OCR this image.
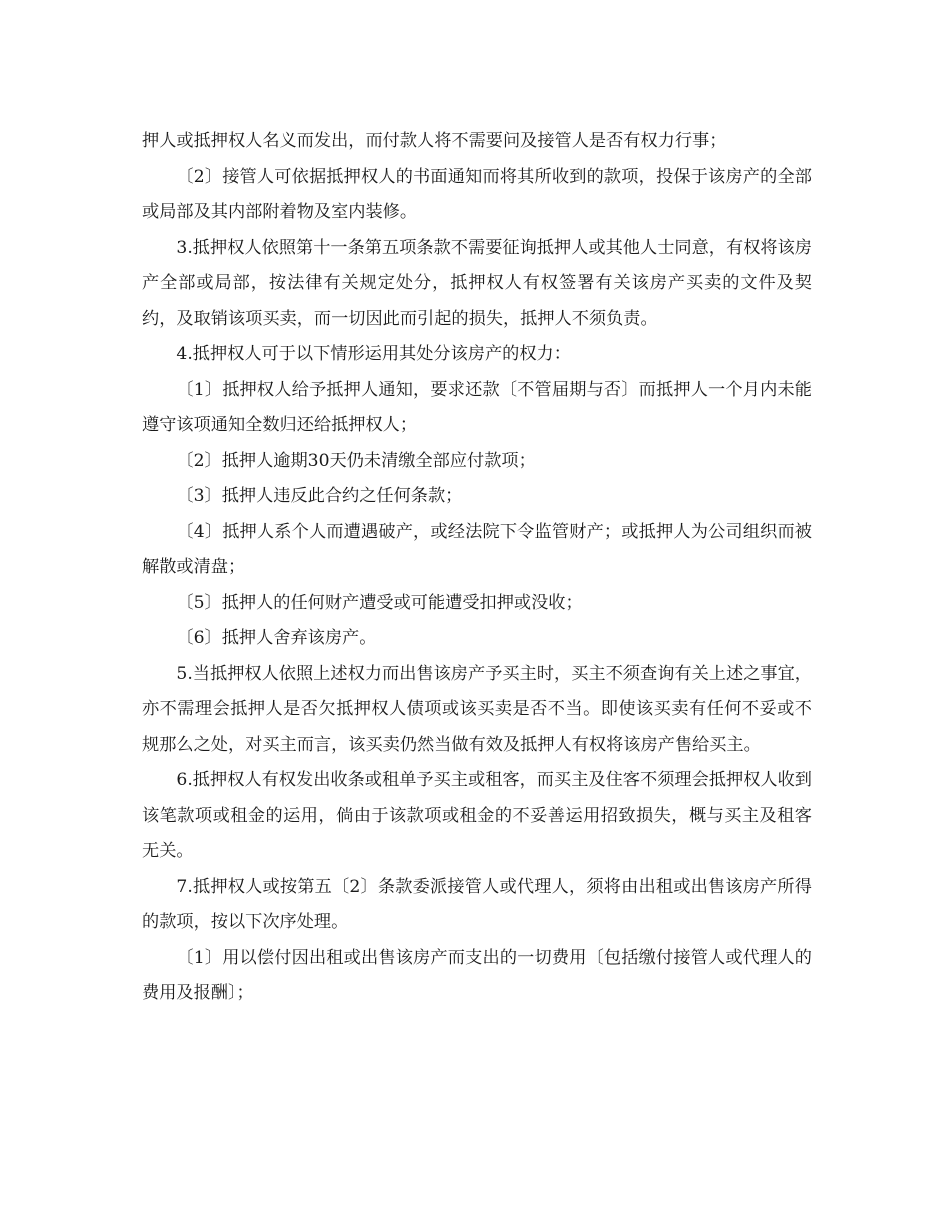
押人或抵押权人名义而发出，而付款人将不需要问及接管人是否有权力行事；

〔2〕接管人可依据抵押权人的书面通知而将其所收到的款项，投保于该房产的全部或局部及其内部附着物及室内装修。

3.抵押权人依照第十一条第五项条款不需要征询抵押人或其他人士同意，有权将该房产全部或局部，按法律有关规定处分，抵押权人有权签署有关该房产买卖的文件及契约，及取销该项买卖，而一切因此而引起的损失，抵押人不须负责。

4.抵押权人可于以下情形运用其处分该房产的权力：

〔1〕抵押权人给予抵押人通知，要求还款〔不管届期与否〕而抵押人一个月内未能遵守该项通知全数归还给抵押权人；

〔2〕抵押人逾期30天仍未清缴全部应付款项；

〔3〕抵押人违反此合约之任何条款；

〔4〕抵押人系个人而遭遇破产，或经法院下令监管财产；或抵押人为公司组织而被解散或清盘；

〔5〕抵押人的任何财产遭受或可能遭受扣押或没收；

〔6〕抵押人舍弃该房产。

5.当抵押权人依照上述权力而出售该房产予买主时，买主不须查询有关上述之事宜，亦不需理会抵押人是否欠抵押权人债项或该买卖是否不当。即使该买卖有任何不妥或不规那么之处，对买主而言，该买卖仍然当做有效及抵押人有权将该房产售给买主。

6.抵押权人有权发出收条或租单予买主或租客，而买主及住客不须理会抵押权人收到该笔款项或租金的运用，倘由于该款项或租金的不妥善运用招致损失，概与买主及租客无关。

7.抵押权人或按第五〔2〕条款委派接管人或代理人，须将由出租或出售该房产所得的款项，按以下次序处理。

〔1〕用以偿付因出租或出售该房产而支出的一切费用〔包括缴付接管人或代理人的费用及报酬〕；
